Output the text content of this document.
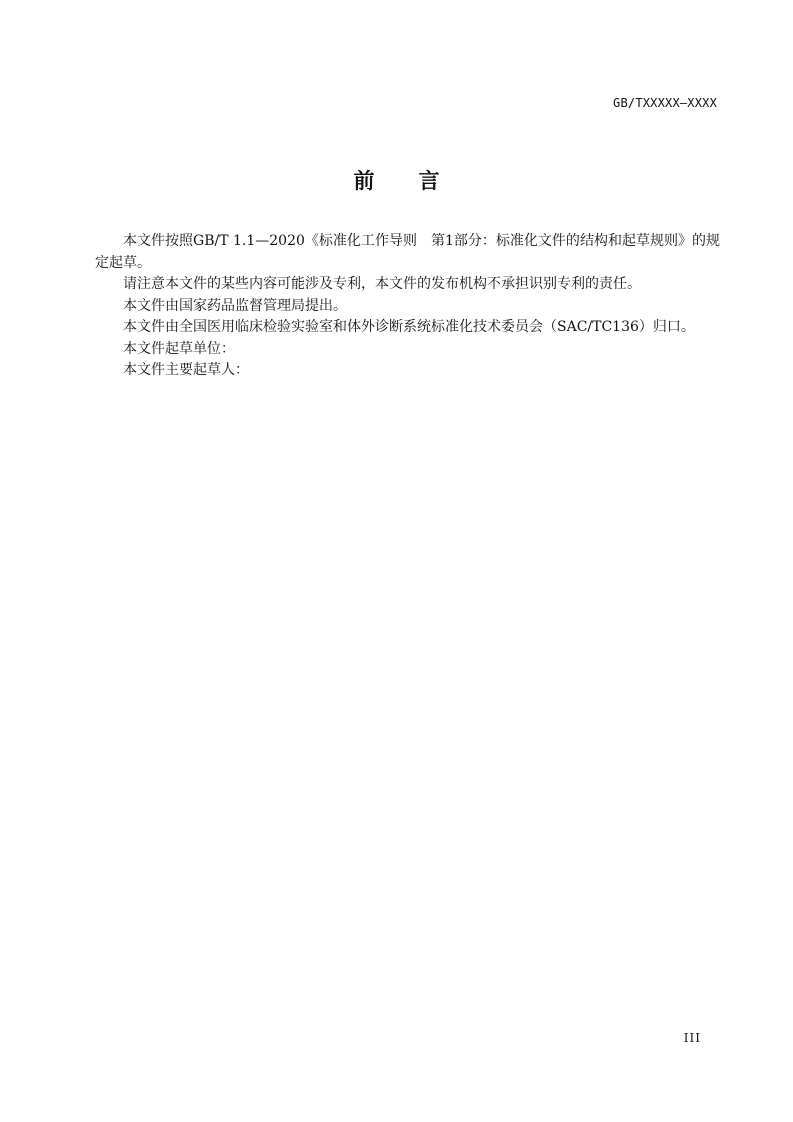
GB/TXXXXX—XXXX
前 言

本文件按照GB/T 1.1—2020《标准化工作导则　第1部分：标准化文件的结构和起草规则》的规定起草。

请注意本文件的某些内容可能涉及专利，本文件的发布机构不承担识别专利的责任。

本文件由国家药品监督管理局提出。

本文件由全国医用临床检验实验室和体外诊断系统标准化技术委员会（SAC/TC136）归口。

本文件起草单位：

本文件主要起草人：

III
